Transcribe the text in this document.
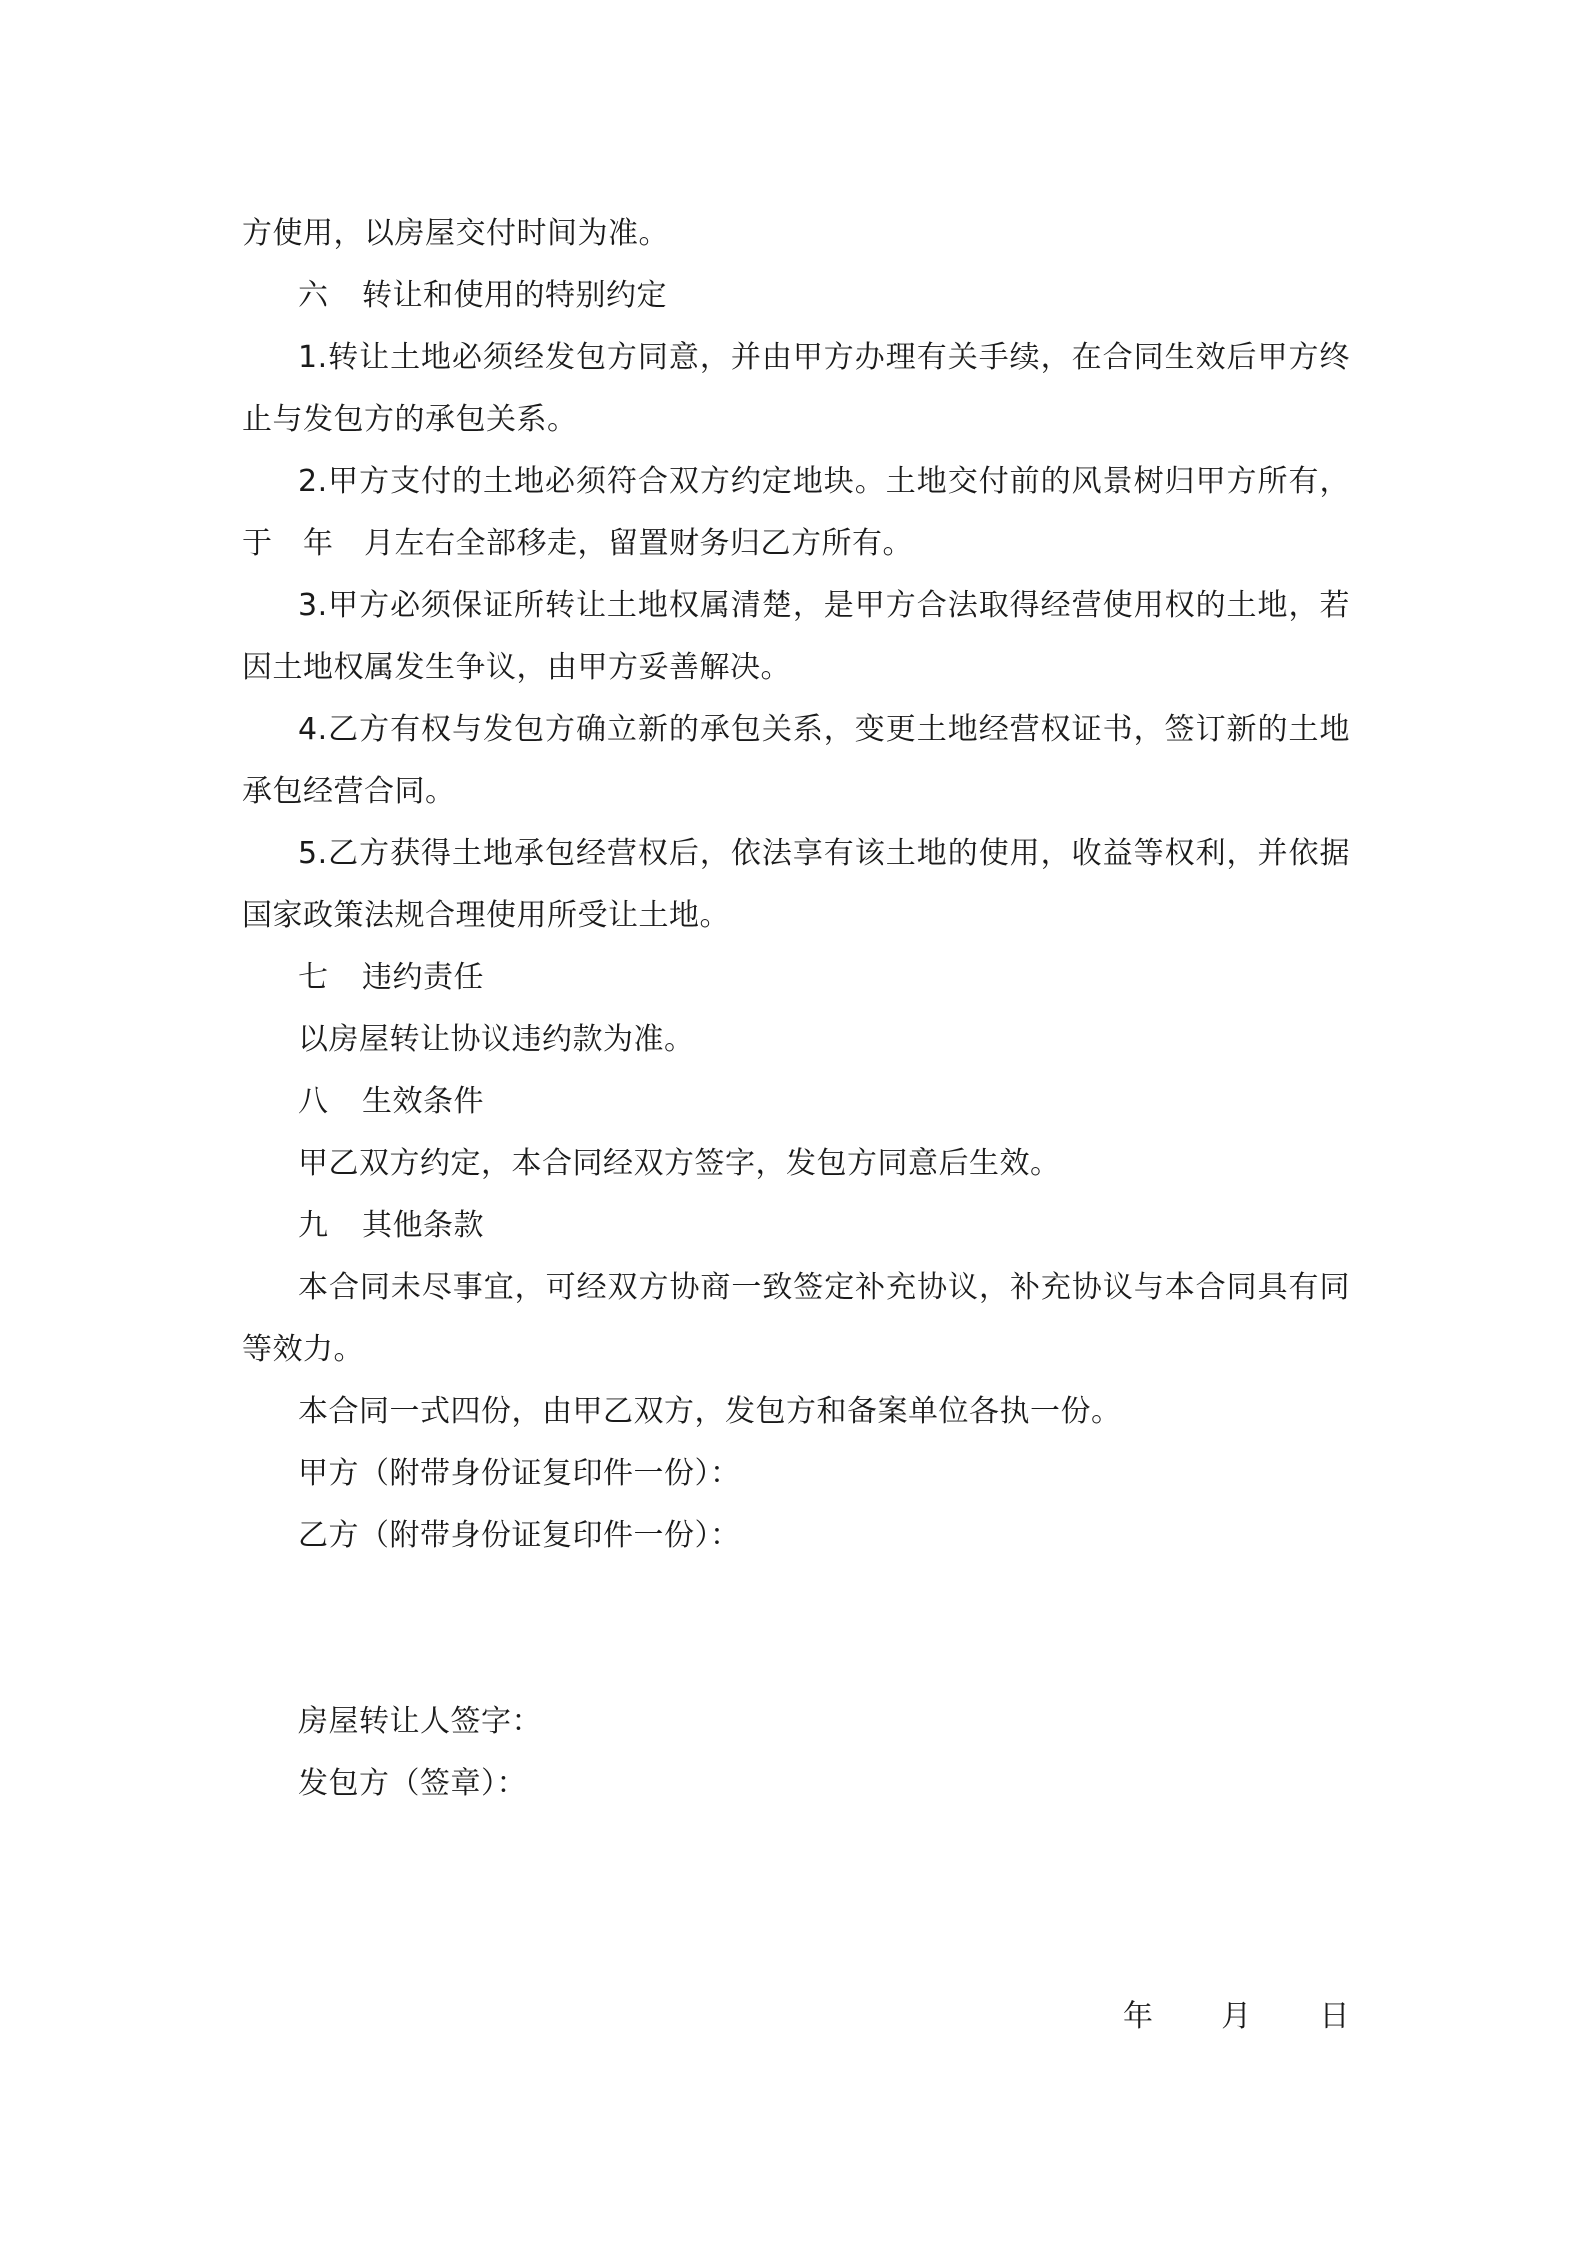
方使用，以房屋交付时间为准。

六 转让和使用的特别约定

1.转让土地必须经发包方同意，并由甲方办理有关手续，在合同生效后甲方终止与发包方的承包关系。

2.甲方支付的土地必须符合双方约定地块。土地交付前的风景树归甲方所有，于　年　月左右全部移走，留置财务归乙方所有。

3.甲方必须保证所转让土地权属清楚，是甲方合法取得经营使用权的土地，若因土地权属发生争议，由甲方妥善解决。

4.乙方有权与发包方确立新的承包关系，变更土地经营权证书，签订新的土地承包经营合同。

5.乙方获得土地承包经营权后，依法享有该土地的使用，收益等权利，并依据国家政策法规合理使用所受让土地。

七 违约责任

以房屋转让协议违约款为准。

八 生效条件

甲乙双方约定，本合同经双方签字，发包方同意后生效。

九 其他条款

本合同未尽事宜，可经双方协商一致签定补充协议，补充协议与本合同具有同等效力。

本合同一式四份，由甲乙双方，发包方和备案单位各执一份。

甲方（附带身份证复印件一份）：

乙方（附带身份证复印件一份）：

房屋转让人签字：

发包方（签章）：

年 月 日
